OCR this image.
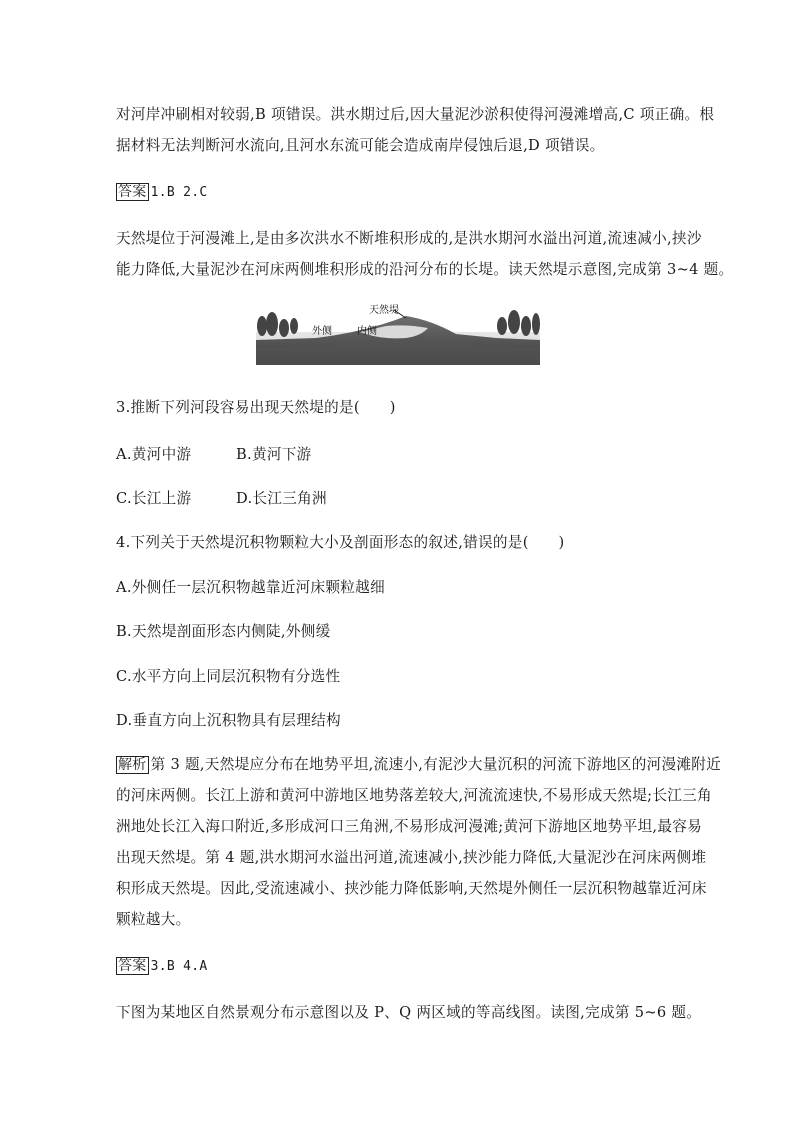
对河岸冲刷相对较弱,B 项错误。洪水期过后,因大量泥沙淤积使得河漫滩增高,C 项正确。根
据材料无法判断河水流向,且河水东流可能会造成南岸侵蚀后退,D 项错误。
答案 1.B 2.C
天然堤位于河漫滩上,是由多次洪水不断堆积形成的,是洪水期河水溢出河道,流速减小,挟沙
能力降低,大量泥沙在河床两侧堆积形成的沿河分布的长堤。读天然堤示意图,完成第 3~4 题。
天然堤
外侧	内侧
3.推断下列河段容易出现天然堤的是(　　)
A.黄河中游	B.黄河下游
C.长江上游	D.长江三角洲
4.下列关于天然堤沉积物颗粒大小及剖面形态的叙述,错误的是(　　)
A.外侧任一层沉积物越靠近河床颗粒越细
B.天然堤剖面形态内侧陡,外侧缓
C.水平方向上同层沉积物有分选性
D.垂直方向上沉积物具有层理结构
解析 第 3 题,天然堤应分布在地势平坦,流速小,有泥沙大量沉积的河流下游地区的河漫滩附近
的河床两侧。长江上游和黄河中游地区地势落差较大,河流流速快,不易形成天然堤;长江三角
洲地处长江入海口附近,多形成河口三角洲,不易形成河漫滩;黄河下游地区地势平坦,最容易
出现天然堤。第 4 题,洪水期河水溢出河道,流速减小,挟沙能力降低,大量泥沙在河床两侧堆
积形成天然堤。因此,受流速减小、挟沙能力降低影响,天然堤外侧任一层沉积物越靠近河床
颗粒越大。
答案 3.B 4.A
下图为某地区自然景观分布示意图以及 P、Q 两区域的等高线图。读图,完成第 5~6 题。
